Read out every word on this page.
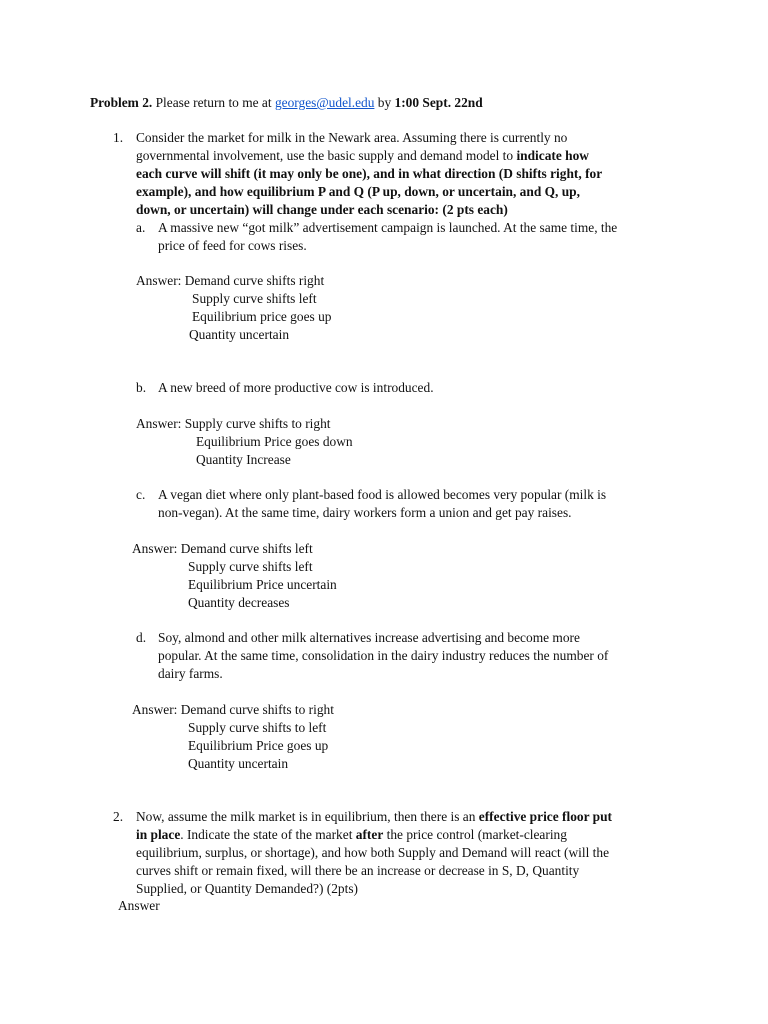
Problem 2. Please return to me at georges@udel.edu by 1:00 Sept. 22nd
1. Consider the market for milk in the Newark area. Assuming there is currently no
governmental involvement, use the basic supply and demand model to indicate how
each curve will shift (it may only be one), and in what direction (D shifts right, for
example), and how equilibrium P and Q (P up, down, or uncertain, and Q, up,
down, or uncertain) will change under each scenario: (2 pts each)
a. A massive new “got milk” advertisement campaign is launched. At the same time, the
price of feed for cows rises.
Answer: Demand curve shifts right
Supply curve shifts left
Equilibrium price goes up
Quantity uncertain
b. A new breed of more productive cow is introduced.
Answer: Supply curve shifts to right
Equilibrium Price goes down
Quantity Increase
c. A vegan diet where only plant-based food is allowed becomes very popular (milk is
non-vegan). At the same time, dairy workers form a union and get pay raises.
Answer: Demand curve shifts left
Supply curve shifts left
Equilibrium Price uncertain
Quantity decreases
d. Soy, almond and other milk alternatives increase advertising and become more
popular. At the same time, consolidation in the dairy industry reduces the number of
dairy farms.
Answer: Demand curve shifts to right
Supply curve shifts to left
Equilibrium Price goes up
Quantity uncertain
2. Now, assume the milk market is in equilibrium, then there is an effective price floor put
in place. Indicate the state of the market after the price control (market-clearing
equilibrium, surplus, or shortage), and how both Supply and Demand will react (will the
curves shift or remain fixed, will there be an increase or decrease in S, D, Quantity
Supplied, or Quantity Demanded?) (2pts)
Answer
